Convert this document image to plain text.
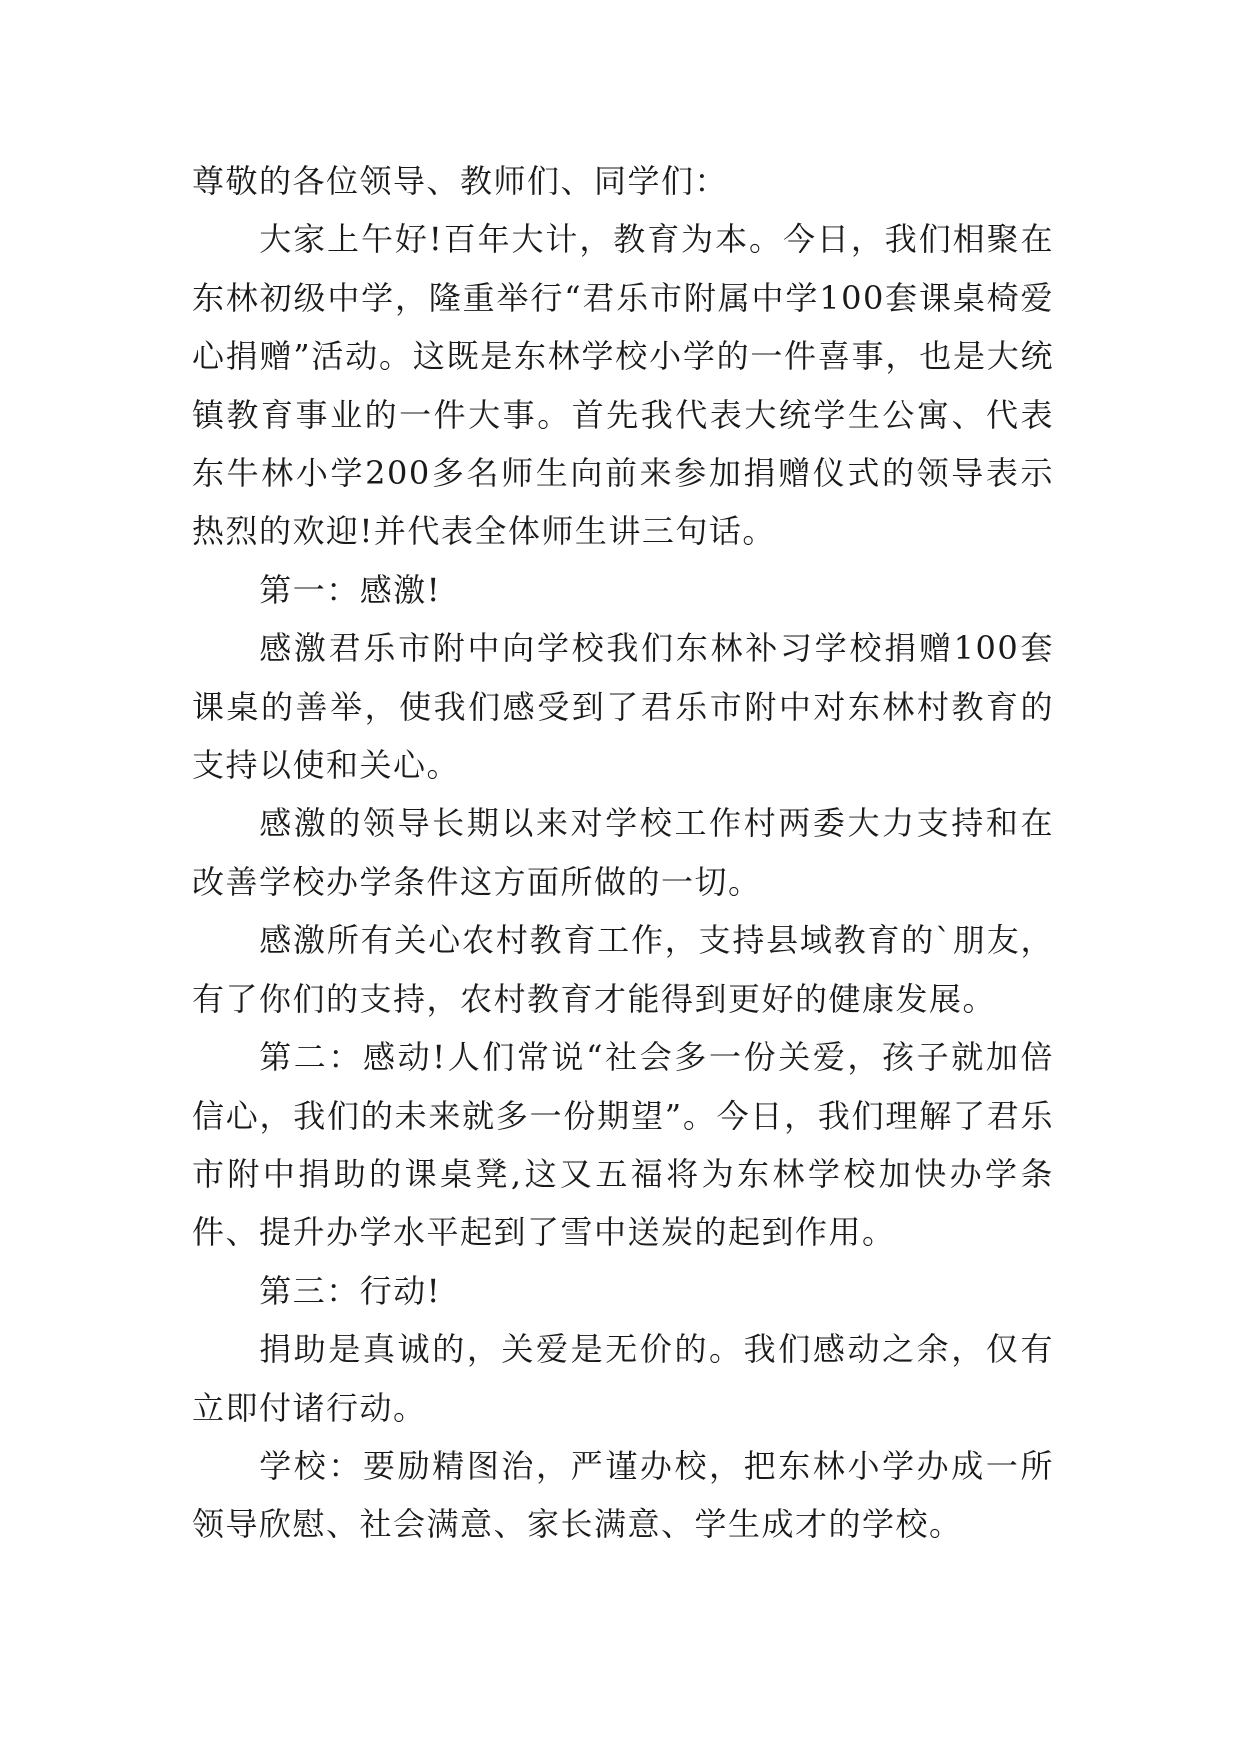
尊敬的各位领导、教师们、同学们：

大家上午好!百年大计，教育为本。今日，我们相聚在东林初级中学，隆重举行“君乐市附属中学100套课桌椅爱心捐赠”活动。这既是东林学校小学的一件喜事，也是大统镇教育事业的一件大事。首先我代表大统学生公寓、代表东牛林小学200多名师生向前来参加捐赠仪式的领导表示热烈的欢迎!并代表全体师生讲三句话。

第一：感激!

感激君乐市附中向学校我们东林补习学校捐赠100套课桌的善举，使我们感受到了君乐市附中对东林村教育的支持以使和关心。

感激的领导长期以来对学校工作村两委大力支持和在改善学校办学条件这方面所做的一切。

感激所有关心农村教育工作，支持县域教育的`朋友，有了你们的支持，农村教育才能得到更好的健康发展。

第二：感动!人们常说“社会多一份关爱，孩子就加倍信心，我们的未来就多一份期望”。今日，我们理解了君乐市附中捐助的课桌凳,这又五福将为东林学校加快办学条件、提升办学水平起到了雪中送炭的起到作用。

第三：行动!

捐助是真诚的，关爱是无价的。我们感动之余，仅有立即付诸行动。

学校：要励精图治，严谨办校，把东林小学办成一所领导欣慰、社会满意、家长满意、学生成才的学校。
